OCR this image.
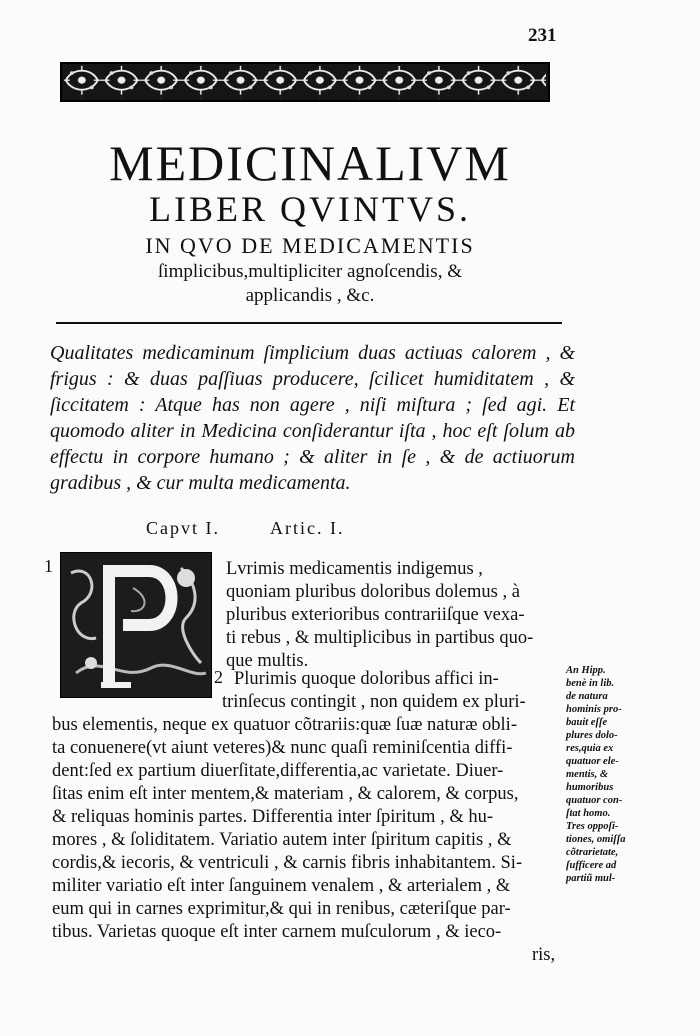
231
MEDICINALIVM
LIBER QVINTVS.
IN QVO DE MEDICAMENTIS
ſimplicibus,multipliciter agnoſcendis, &
applicandis , &c.

Qualitates medicaminum ſimplicium duas actiuas calorem , & frigus : & duas paſſiuas producere, ſcilicet humiditatem , & ſiccitatem : Atque has non agere , niſi miſtura ; ſed agi. Et quomodo aliter in Medicina conſiderantur iſta , hoc eſt ſolum ab effectu in corpore humano ; & aliter in ſe , & de actiuorum gradibus , & cur multa medicamenta.

Capvt I.	Artic. I.
1
2
Lvrimis medicamentis indigemus ,
quoniam pluribus doloribus dolemus , à
pluribus exterioribus contrariiſque vexa-
ti rebus , & multiplicibus in partibus quo-
que multis.
Plurimis quoque doloribus affici in-
trinſecus contingit , non quidem ex pluri-
bus elementis, neque ex quatuor cõtrariis:quæ ſuæ naturæ obli-
ta conuenere(vt aiunt veteres)& nunc quaſi reminiſcentia diffi-
dent:ſed ex partium diuerſitate,differentia,ac varietate. Diuer-
ſitas enim eſt inter mentem,& materiam , & calorem, & corpus,
& reliquas hominis partes. Differentia inter ſpiritum , & hu-
mores , & ſoliditatem. Variatio autem inter ſpiritum capitis , &
cordis,& iecoris, & ventriculi , & carnis fibris inhabitantem. Si-
militer variatio eſt inter ſanguinem venalem , & arterialem , &
eum qui in carnes exprimitur,& qui in renibus, cæteriſque par-
tibus. Varietas quoque eſt inter carnem muſculorum , & ieco-
ris,

An Hipp.

benè in lib.

de natura

hominis pro-

bauit eſſe

plures dolo-

res,quia ex

quatuor ele-

mentis, &

humoribus

quatuor con-

ſtat homo.

Tres oppoſi-

tiones, omiſſa

cõtrarietate,

ſufficere ad

partiũ mul-
